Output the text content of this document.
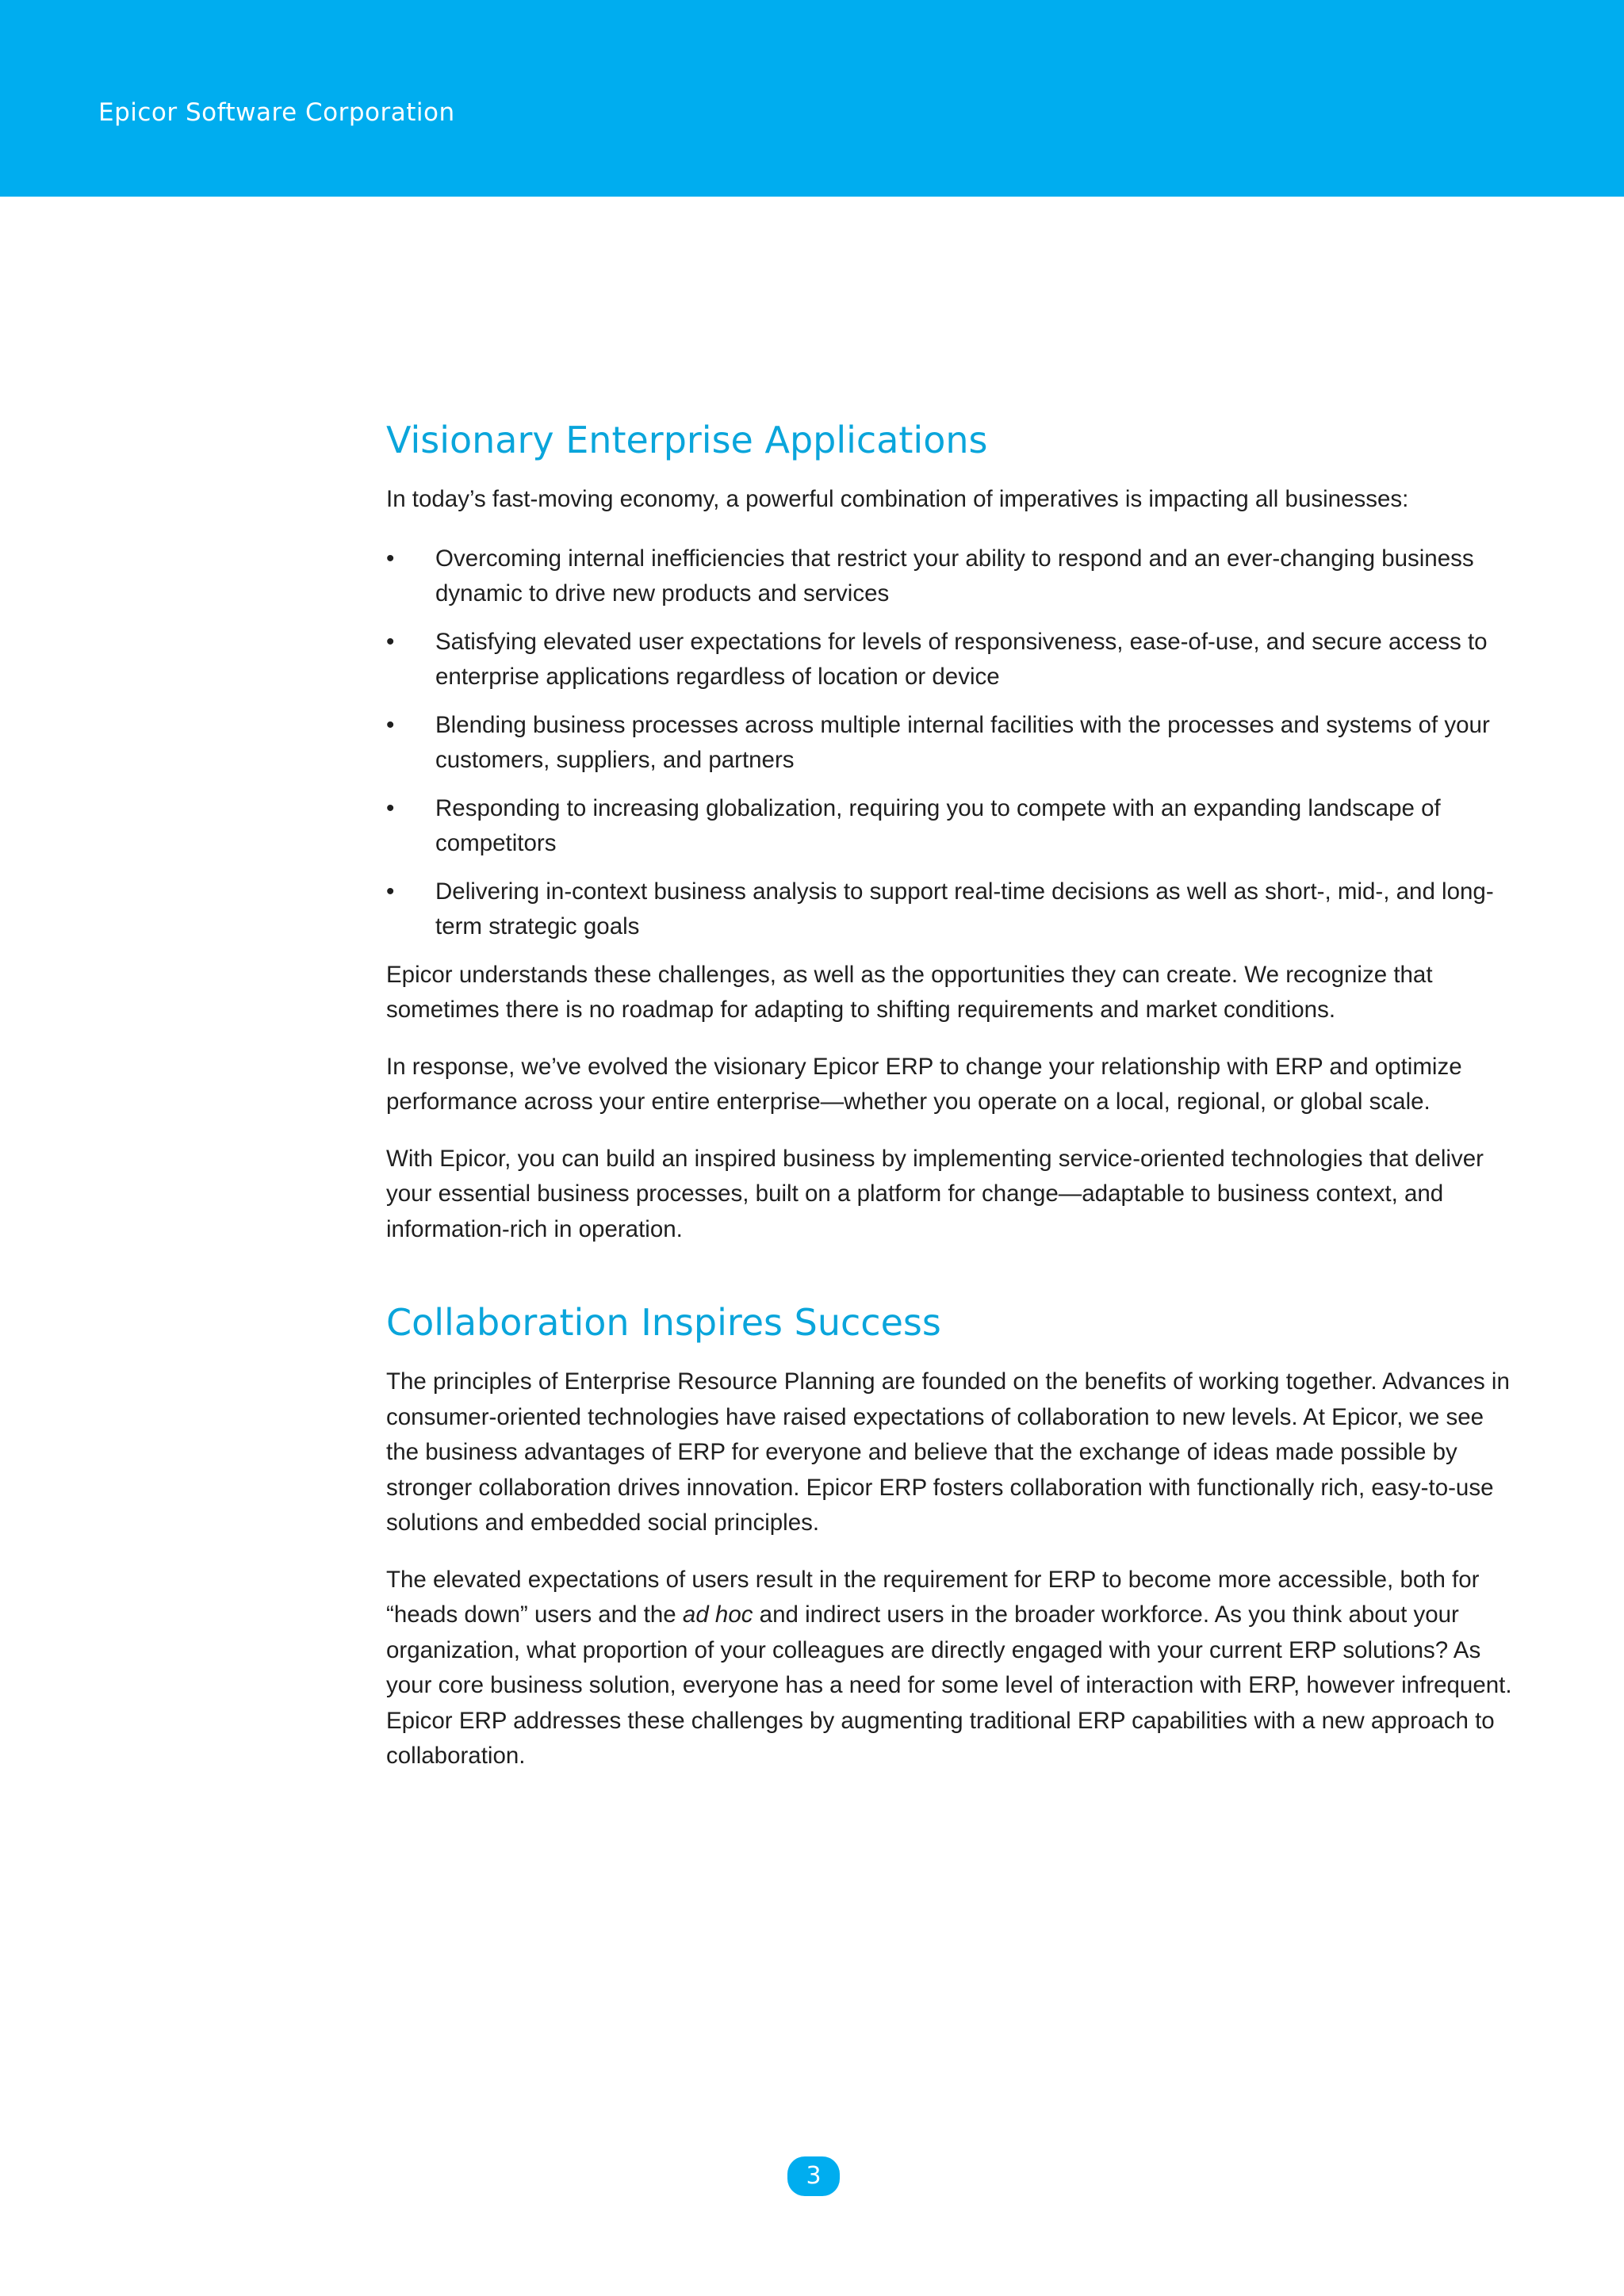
Epicor Software Corporation
Visionary Enterprise Applications

In today’s fast-moving economy, a powerful combination of imperatives is impacting all businesses:

•	Overcoming internal inefficiencies that restrict your ability to respond and an ever-changing business dynamic to drive new products and services
•	Satisfying elevated user expectations for levels of responsiveness, ease-of-use, and secure access to enterprise applications regardless of location or device
•	Blending business processes across multiple internal facilities with the processes and systems of your customers, suppliers, and partners
•	Responding to increasing globalization, requiring you to compete with an expanding landscape of competitors
•	Delivering in-context business analysis to support real-time decisions as well as short-, mid-, and long-term strategic goals

Epicor understands these challenges, as well as the opportunities they can create. We recognize that sometimes there is no roadmap for adapting to shifting requirements and market conditions.

In response, we’ve evolved the visionary Epicor ERP to change your relationship with ERP and optimize performance across your entire enterprise—whether you operate on a local, regional, or global scale.

With Epicor, you can build an inspired business by implementing service-oriented technologies that deliver your essential business processes, built on a platform for change—adaptable to business context, and information-rich in operation.

Collaboration Inspires Success

The principles of Enterprise Resource Planning are founded on the benefits of working together. Advances in consumer-oriented technologies have raised expectations of collaboration to new levels. At Epicor, we see the business advantages of ERP for everyone and believe that the exchange of ideas made possible by stronger collaboration drives innovation. Epicor ERP fosters collaboration with functionally rich, easy-to-use solutions and embedded social principles.

The elevated expectations of users result in the requirement for ERP to become more accessible, both for “heads down” users and the ad hoc and indirect users in the broader workforce. As you think about your organization, what proportion of your colleagues are directly engaged with your current ERP solutions? As your core business solution, everyone has a need for some level of interaction with ERP, however infrequent. Epicor ERP addresses these challenges by augmenting traditional ERP capabilities with a new approach to collaboration.

3
